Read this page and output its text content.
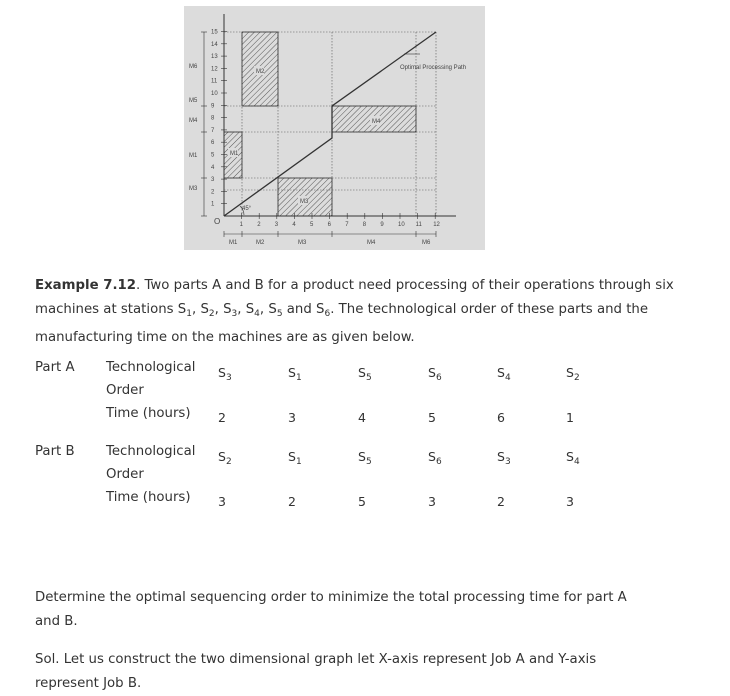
M2
M4
M1
M3
45°
Optimal Processing Path
1
2
3
4
5
6
7
8
9
10
11
12
13
14
15
1 2 3 4 5 6 7 8 9 10 11 12
M6
M5
M4
M1
M3
M1	M2	M3	M4	M6
O
Example 7.12. Two parts A and B for a product need processing of their operations through six machines at stations $S_1$, $S_2$, $S_3$, $S_4$, $S_5$ and $S_6$. The technological order of these parts and the manufacturing time on the machines are as given below.
Part A Technological
Order
Time (hours)
$S_3$	$S_1$	$S_5$	$S_6$	$S_4$	$S_2$
2	3	4	5	6	1
Part B Technological
Order
Time (hours)
$S_2$	$S_1$	$S_5$	$S_6$	$S_3$	$S_4$
3	2	5	3	2	3
Determine the optimal sequencing order to minimize the total processing time for part A and B.
Sol. Let us construct the two dimensional graph let X-axis represent Job A and Y-axis represent Job B.
